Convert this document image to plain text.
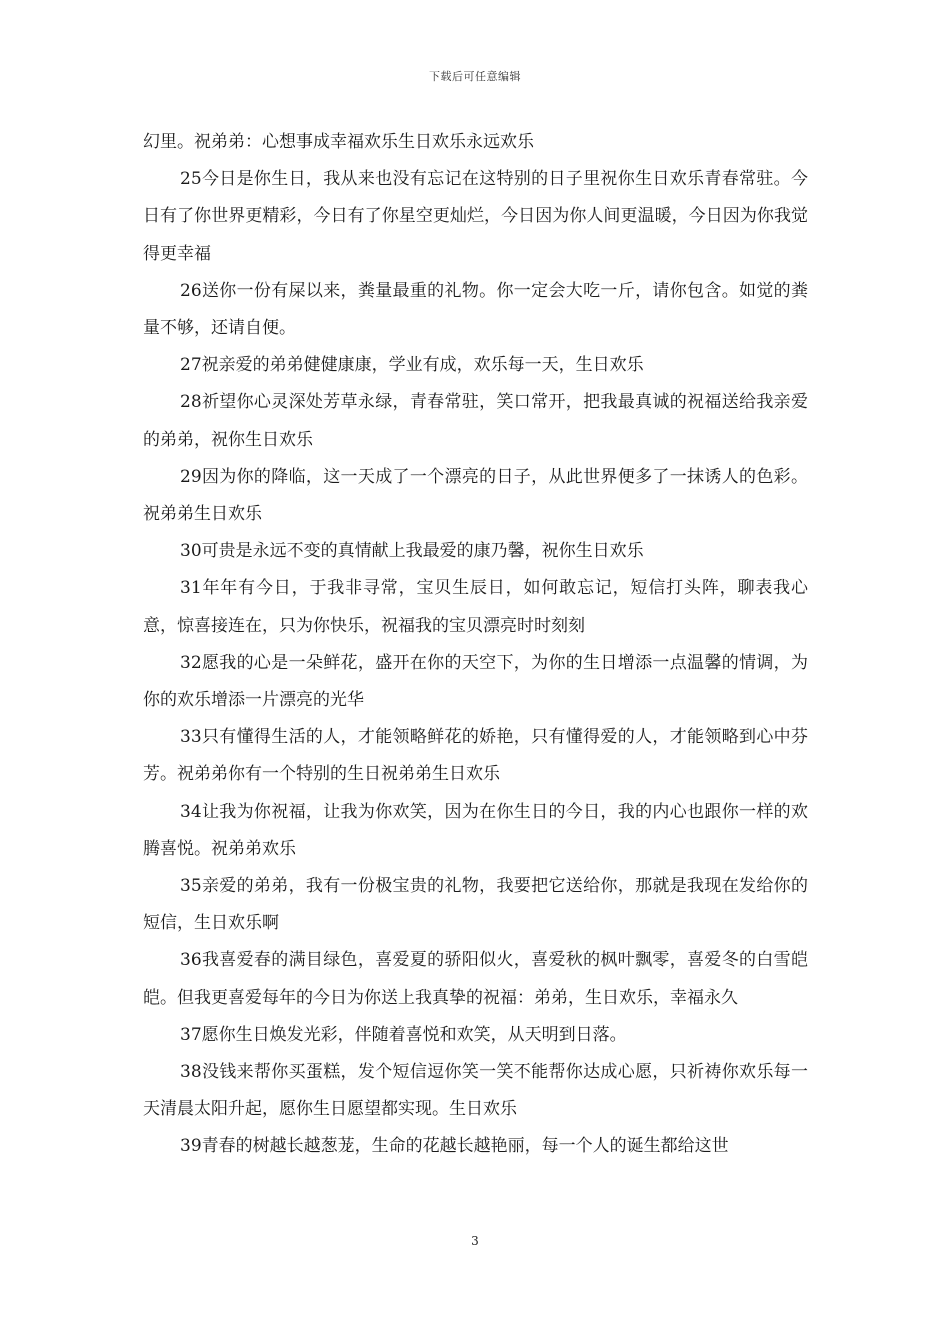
下载后可任意编辑

幻里。祝弟弟：心想事成幸福欢乐生日欢乐永远欢乐

25今日是你生日，我从来也没有忘记在这特别的日子里祝你生日欢乐青春常驻。今日有了你世界更精彩，今日有了你星空更灿烂，今日因为你人间更温暖，今日因为你我觉得更幸福

26送你一份有屎以来，粪量最重的礼物。你一定会大吃一斤，请你包含。如觉的粪量不够，还请自便。

27祝亲爱的弟弟健健康康，学业有成，欢乐每一天，生日欢乐

28祈望你心灵深处芳草永绿，青春常驻，笑口常开，把我最真诚的祝福送给我亲爱的弟弟，祝你生日欢乐

29因为你的降临，这一天成了一个漂亮的日子，从此世界便多了一抹诱人的色彩。祝弟弟生日欢乐

30可贵是永远不变的真情献上我最爱的康乃馨，祝你生日欢乐

31年年有今日，于我非寻常，宝贝生辰日，如何敢忘记，短信打头阵，聊表我心意，惊喜接连在，只为你快乐，祝福我的宝贝漂亮时时刻刻

32愿我的心是一朵鲜花，盛开在你的天空下，为你的生日增添一点温馨的情调，为你的欢乐增添一片漂亮的光华

33只有懂得生活的人，才能领略鲜花的娇艳，只有懂得爱的人，才能领略到心中芬芳。祝弟弟你有一个特别的生日祝弟弟生日欢乐

34让我为你祝福，让我为你欢笑，因为在你生日的今日，我的内心也跟你一样的欢腾喜悦。祝弟弟欢乐

35亲爱的弟弟，我有一份极宝贵的礼物，我要把它送给你，那就是我现在发给你的短信，生日欢乐啊

36我喜爱春的满目绿色，喜爱夏的骄阳似火，喜爱秋的枫叶飘零，喜爱冬的白雪皑皑。但我更喜爱每年的今日为你送上我真挚的祝福：弟弟，生日欢乐，幸福永久

37愿你生日焕发光彩，伴随着喜悦和欢笑，从天明到日落。

38没钱来帮你买蛋糕，发个短信逗你笑一笑不能帮你达成心愿，只祈祷你欢乐每一天清晨太阳升起，愿你生日愿望都实现。生日欢乐

39青春的树越长越葱茏，生命的花越长越艳丽，每一个人的诞生都给这世

3
